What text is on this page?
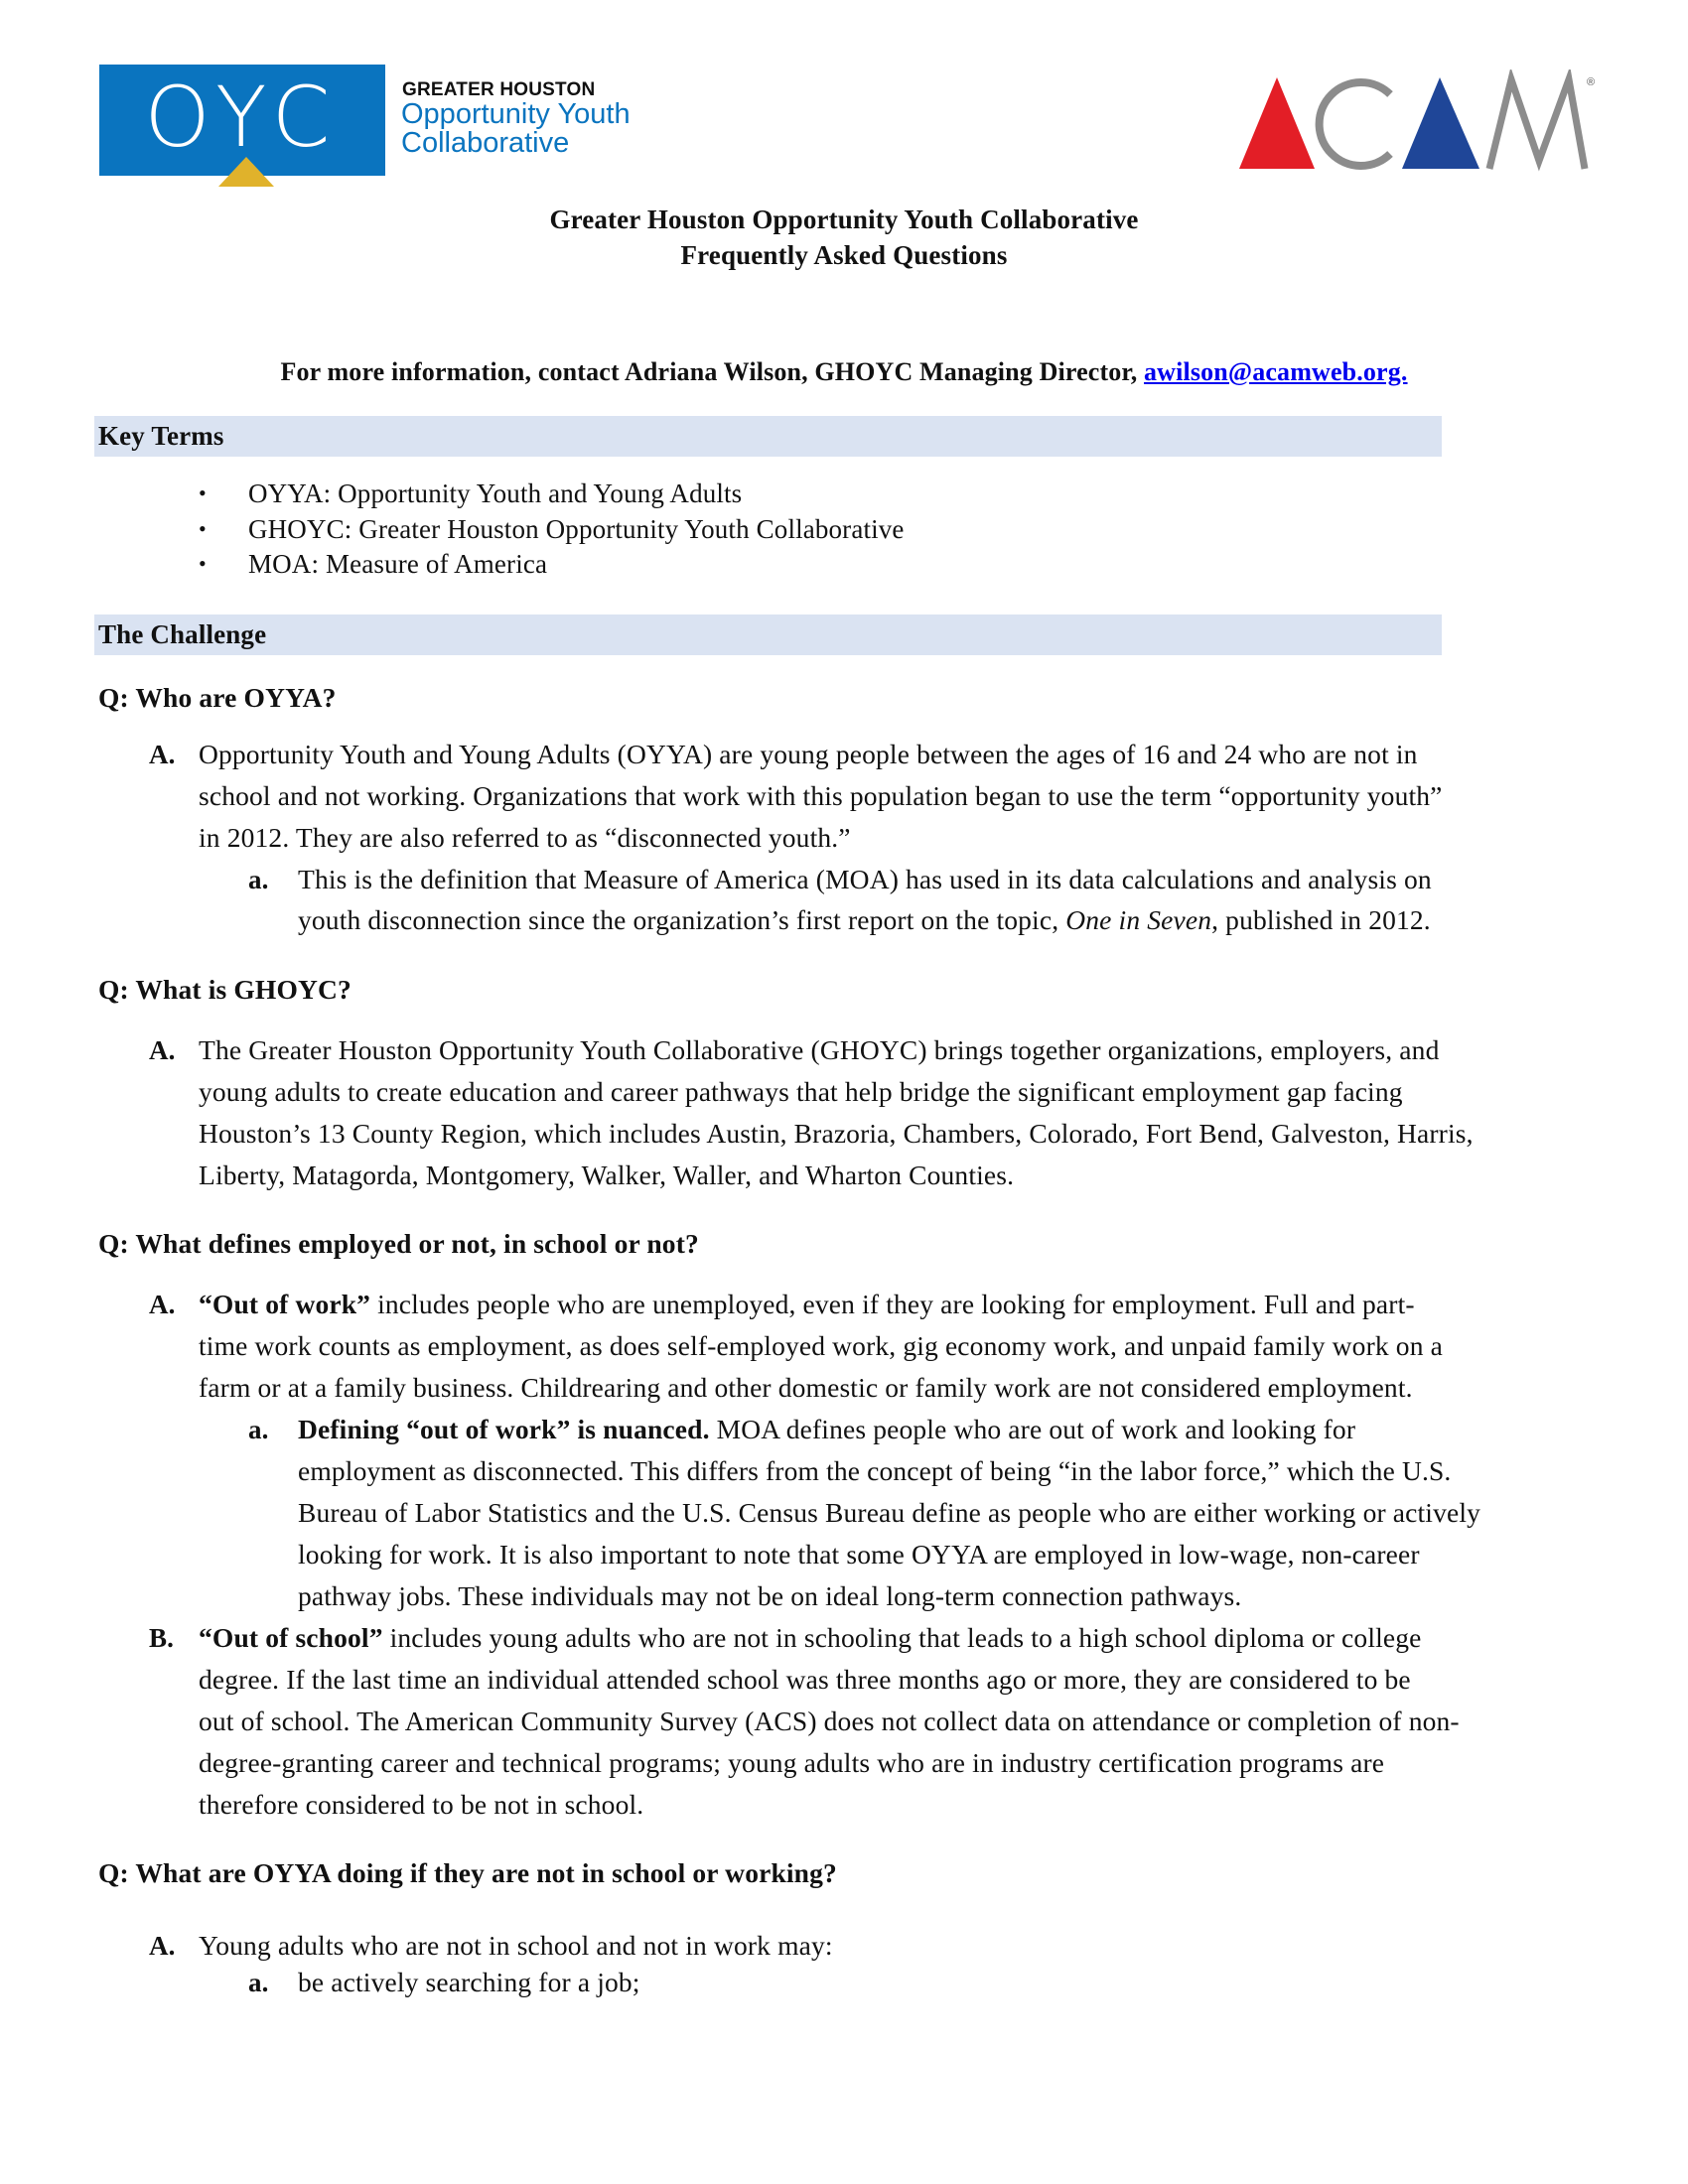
OYC	GREATER HOUSTON
Opportunity Youth
Collaborative
®
Greater Houston Opportunity Youth Collaborative
Frequently Asked Questions
For more information, contact Adriana Wilson, GHOYC Managing Director, awilson@acamweb.org.
Key Terms
• OYYA: Opportunity Youth and Young Adults
• GHOYC: Greater Houston Opportunity Youth Collaborative
• MOA: Measure of America
The Challenge
Q: Who are OYYA?
A. Opportunity Youth and Young Adults (OYYA) are young people between the ages of 16 and 24 who are not in
school and not working. Organizations that work with this population began to use the term “opportunity youth”
in 2012. They are also referred to as “disconnected youth.”
a. This is the definition that Measure of America (MOA) has used in its data calculations and analysis on
youth disconnection since the organization’s first report on the topic, One in Seven, published in 2012.
Q: What is GHOYC?
A. The Greater Houston Opportunity Youth Collaborative (GHOYC) brings together organizations, employers, and
young adults to create education and career pathways that help bridge the significant employment gap facing
Houston’s 13 County Region, which includes Austin, Brazoria, Chambers, Colorado, Fort Bend, Galveston, Harris,
Liberty, Matagorda, Montgomery, Walker, Waller, and Wharton Counties.
Q: What defines employed or not, in school or not?
A. “Out of work” includes people who are unemployed, even if they are looking for employment. Full and part-
time work counts as employment, as does self-employed work, gig economy work, and unpaid family work on a
farm or at a family business. Childrearing and other domestic or family work are not considered employment.
a. Defining “out of work” is nuanced. MOA defines people who are out of work and looking for
employment as disconnected. This differs from the concept of being “in the labor force,” which the U.S.
Bureau of Labor Statistics and the U.S. Census Bureau define as people who are either working or actively
looking for work. It is also important to note that some OYYA are employed in low-wage, non-career
pathway jobs. These individuals may not be on ideal long-term connection pathways.
B. “Out of school” includes young adults who are not in schooling that leads to a high school diploma or college
degree. If the last time an individual attended school was three months ago or more, they are considered to be
out of school. The American Community Survey (ACS) does not collect data on attendance or completion of non-
degree-granting career and technical programs; young adults who are in industry certification programs are
therefore considered to be not in school.
Q: What are OYYA doing if they are not in school or working?
A. Young adults who are not in school and not in work may:
a. be actively searching for a job;
